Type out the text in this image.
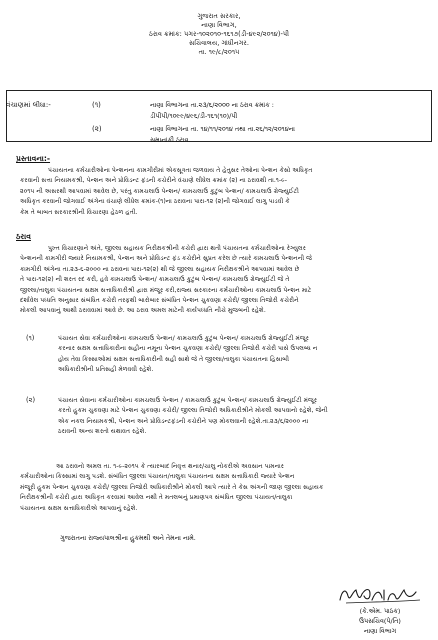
ગુજરાત સરકાર,
નાણા વિભાગ,
ઠરાવ ક્રમાંક: પગર-૧૦૨૦૧૦-૧૬૧૭(ડી-૪૯૨/૨૦૧૪)-પી
સચિવાલય, ગાંધીનગર.
તા. ૧૯/૮/૨૦૧૫
વંચાણમાં લીધા:-	(૧)	નાણા વિભાગના તા.૨૩/૬/૨૦૦૦ ના ઠરાવ ક્રમાંક :
ડીપીપી/૧૦૯૯/૪૯૬/ડી-૧૬૧(૧૦)/પી
(૨)	નાણા વિભાગના તા. ૧૪/૧૧/૨૦૧૪ તથા તા.૨૬/૧૨/૨૦૧૪ના
સમાનાંકી ઠરાવ.
પ્રસ્તાવના:-
પંચાયતના કર્મચારીઓના પેન્શનના કામગીરીમાં એકસૂત્રતા જળવાય તે હેતુસર તેઓના પેન્શન કેસો અધિકૃત
કરવાની સત્તા નિયામકશ્રી, પેન્શન અને પ્રોવિડન્ટ ફંડની કચેરીને વંચાણે લીધેલ ક્રમાંક (૨) ના ઠરાવથી તા.૧-૯-
૨૦૧૫ ની અસરથી આપવામાં આવેલ છે, પરંતુ કામચલાઉ પેન્શન/ કામચલાઉ કુટુંબ પેન્શન/ કામચલાઉ ગ્રેજ્યુઈટી
અધિકૃત કરવાની જોગવાઈ અંગેના વંચાણે લીધેલ ક્રમાંક-(૧)ના ઠરાવના પારા-૧૨ (૨)ની જોગવાઈ લાગુ પાડવી કે
કેમ તે બાબત સરકારશ્રીની વિચારણા હેઠળ હતી.
ઠરાવ
પુખ્ત વિચારણાને અંતે, જીલ્લા સહાયક નિરીક્ષકશ્રીની કચેરી દ્વારા થતી પંચાયતના કર્મચારીઓના રેગ્યુલર
પેન્શનની કામગીરી જ્યારે નિયામકશ્રી, પેન્શન અને પ્રોવિડન્ટ ફંડ કચેરીને સુપ્રત કરેલ છે ત્યારે કામચલાઉ પેન્શનની જે
કામગીરી અંગેના તા.૨૩-૬-૨૦૦૦ ના ઠરાવના પારા-૧૨(૨) થી જે જીલ્લા સહાયક નિરીક્ષકશ્રીને આપવામાં આવેલ છે
તે પારા-૧૨(૨) ની શરત રદ કરી, હવે કામચલાઉ પેન્શન/ કામચલાઉ કુટુંબ પેન્શન/ કામચલાઉ ગ્રેજ્યુઈટી જે તે
જીલ્લા/તાલુકા પંચાયતના સક્ષમ સત્તાધિકારીશ્રી દ્વારા મંજૂર કરી,રાજ્ય સરકારના કર્મચારીઓના કામચલાઉ પેન્શન માટે
દર્શાવેલ પધ્ધતિ અનુસાર સંબંધિત કચેરી તરફથી બારોબાર સંબંધિત પેન્શન ચુકવણા કચેરી/ જીલ્લા તિજોરી કચેરીને
મોકલી આપવાનું આથી ઠરાવવામાં આવે છે. આ ઠરાવ અમલ માટેની કાર્યપધ્ધતિ નીચે મુજબની રહેશે.
(૧)	પંચાયત સેવા કર્મચારીઓના કામચલાઉ પેન્શન/ કામચલાઉ કુટુંબ પેન્શન/ કામચલાઉ ગ્રેજ્યુઈટી મંજૂર
કરનાર સક્ષમ સત્તાધિકારીના સહીના નમૂના પેન્શન ચુકવણા કચેરી/ જીલ્લા તિજોરી કચેરી પાસે ઉપલબ્ધ ન
હોય તેવા કિસ્સાઓમાં સક્ષમ સત્તાધિકારીની સહી સાથે જે તે જીલ્લા/તાલુકા પંચાયતના હિસાબી
અધિકારીશ્રીની પ્રતિસહી મેળવવી રહેશે.
(૨)	પંચાયત સેવાના કર્મચારીઓના કામચલાઉ પેન્શન / કામચલાઉ કુટુંબ પેન્શન/ કામચલાઉ ગ્રેજ્યુઈટી મંજૂર
કરતો હુકમ ચુકવણા માટે પેન્શન ચુકવણા કચેરી/ જીલ્લા તિજોરી અધિકારીશ્રીને મોકલી આપવાનો રહેશે, જેની
એક નકલ નિયામકશ્રી, પેન્શન અને પ્રોવિડન્ટફંડની કચેરીને પણ મોકલવાની રહેશે.તા.૨૩/૬/૨૦૦૦ ના
ઠરાવની અન્ય શરતો યથાવત રહેશે.
આ ઠરાવનો અમલ તા. ૧-૯-૨૦૧૫ કે ત્યારબાદ નિવૃત્ત થનાર/ચાલુ નોકરીએ અવસાન પામનાર
કર્મચારીઓના કિસ્સામાં લાગુ પડશે. સંબંધિત જીલ્લા પંચાયત/તાલુકા પંચાયતના સક્ષમ સત્તાધિકારી જ્યારે પેન્શન
મંજૂરી હુકમ પેન્શન ચુકવણા કચેરી/ જીલ્લા તિજોરી અધિકારીશ્રીને મોકલી આપે ત્યારે તે કેસ અંગની જાણ જીલ્લા સહાયક
નિરીક્ષકશ્રીની કચેરી દ્વારા અધિકૃત કરવામાં આવેલ નથી તે મતલબનું પ્રમાણપત્ર સંબંધિત જીલ્લા પંચાયત/તાલુકા
પંચાયતના સક્ષમ સત્તાધિકારીએ આપવાનું રહેશે.
ગુજરાતના રાજ્યપાલશ્રીના હુકમથી અને તેમના નામે.
(કે.એમ. પાઠક)
ઉપસચિવ(પે/તિ)
નાણા વિભાગ
